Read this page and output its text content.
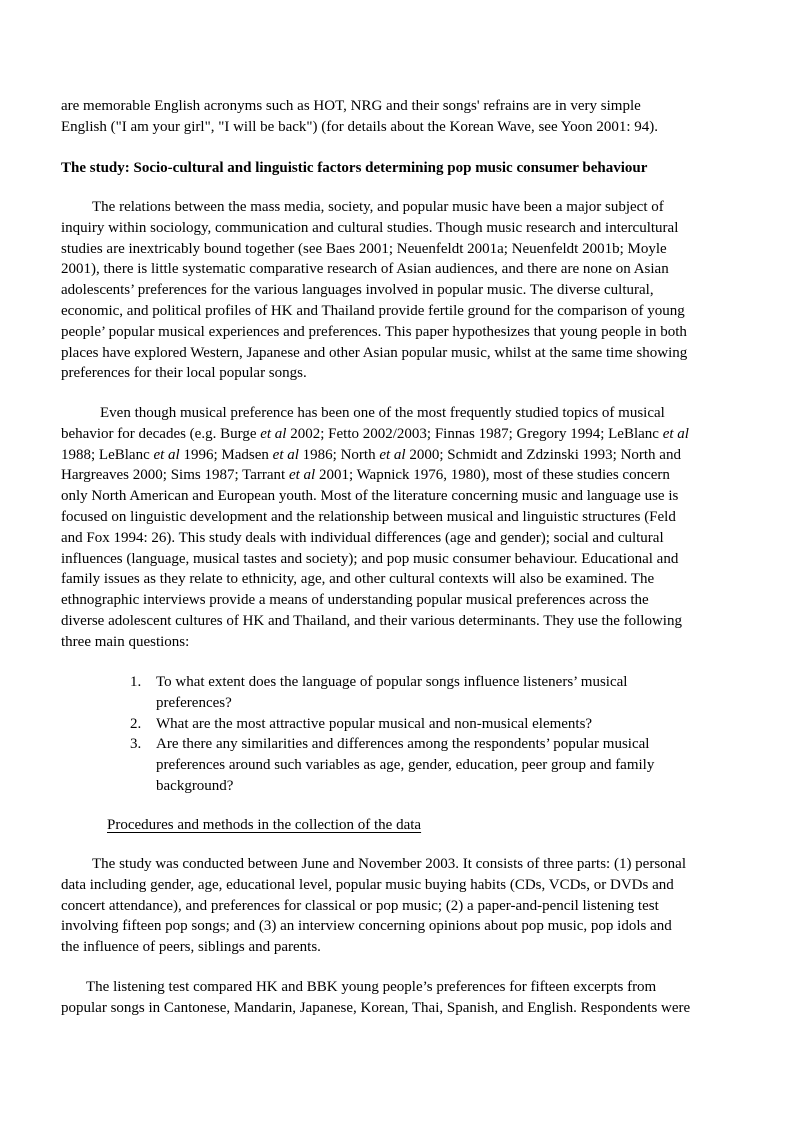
are memorable English acronyms such as HOT, NRG and their songs' refrains are in very simple
English ("I am your girl", "I will be back") (for details about the Korean Wave, see Yoon 2001: 94).
The study: Socio-cultural and linguistic factors determining pop music consumer behaviour
The relations between the mass media, society, and popular music have been a major subject of
inquiry within sociology, communication and cultural studies. Though music research and intercultural
studies are inextricably bound together (see Baes 2001; Neuenfeldt 2001a; Neuenfeldt 2001b; Moyle
2001), there is little systematic comparative research of Asian audiences, and there are none on Asian
adolescents’ preferences for the various languages involved in popular music. The diverse cultural,
economic, and political profiles of HK and Thailand provide fertile ground for the comparison of young
people’ popular musical experiences and preferences. This paper hypothesizes that young people in both
places have explored Western, Japanese and other Asian popular music, whilst at the same time showing
preferences for their local popular songs.
Even though musical preference has been one of the most frequently studied topics of musical
behavior for decades (e.g. Burge et al 2002; Fetto 2002/2003; Finnas 1987; Gregory 1994; LeBlanc et al
1988; LeBlanc et al 1996; Madsen et al 1986; North et al 2000; Schmidt and Zdzinski 1993; North and
Hargreaves 2000; Sims 1987; Tarrant et al 2001; Wapnick 1976, 1980), most of these studies concern
only North American and European youth. Most of the literature concerning music and language use is
focused on linguistic development and the relationship between musical and linguistic structures (Feld
and Fox 1994: 26). This study deals with individual differences (age and gender); social and cultural
influences (language, musical tastes and society); and pop music consumer behaviour. Educational and
family issues as they relate to ethnicity, age, and other cultural contexts will also be examined. The
ethnographic interviews provide a means of understanding popular musical preferences across the
diverse adolescent cultures of HK and Thailand, and their various determinants. They use the following
three main questions:
1. To what extent does the language of popular songs influence listeners’ musical
preferences?
2. What are the most attractive popular musical and non-musical elements?
3. Are there any similarities and differences among the respondents’ popular musical
preferences around such variables as age, gender, education, peer group and family
background?
Procedures and methods in the collection of the data
The study was conducted between June and November 2003. It consists of three parts: (1) personal
data including gender, age, educational level, popular music buying habits (CDs, VCDs, or DVDs and
concert attendance), and preferences for classical or pop music; (2) a paper-and-pencil listening test
involving fifteen pop songs; and (3) an interview concerning opinions about pop music, pop idols and
the influence of peers, siblings and parents.
The listening test compared HK and BBK young people’s preferences for fifteen excerpts from
popular songs in Cantonese, Mandarin, Japanese, Korean, Thai, Spanish, and English. Respondents were
